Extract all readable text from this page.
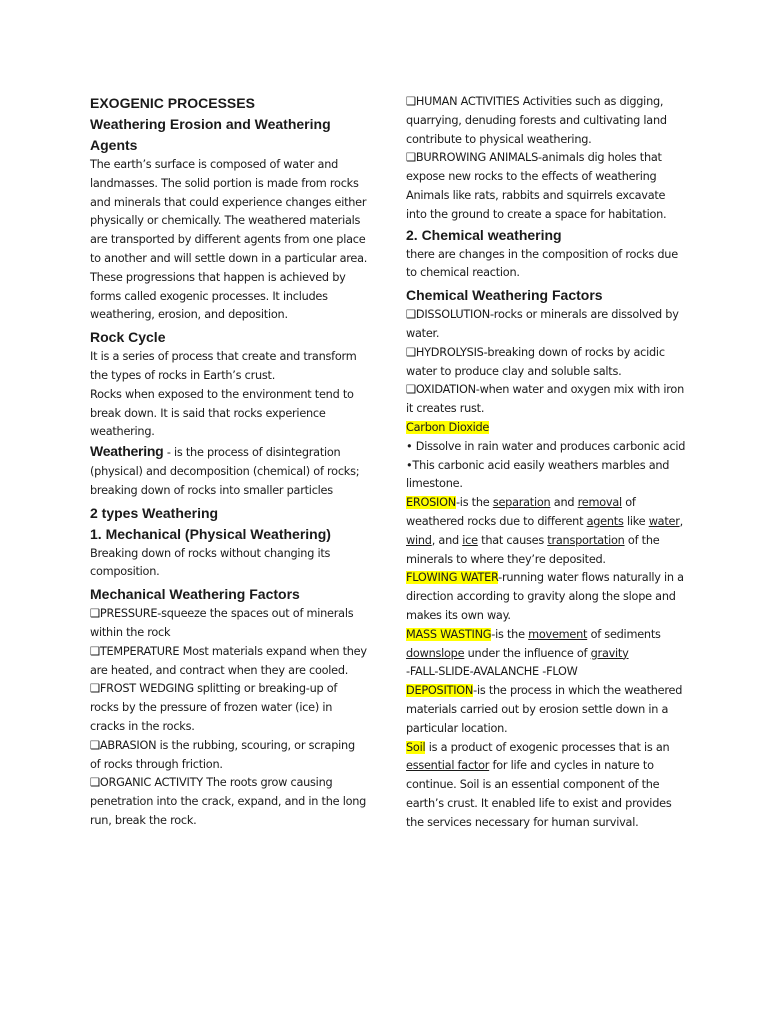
EXOGENIC PROCESSES

Weathering Erosion and Weathering Agents

The earth’s surface is composed of water and landmasses. The solid portion is made from rocks and minerals that could experience changes either physically or chemically. The weathered materials are transported by different agents from one place to another and will settle down in a particular area. These progressions that happen is achieved by forms called exogenic processes. It includes weathering, erosion, and deposition.

Rock Cycle

It is a series of process that create and transform the types of rocks in Earth’s crust.

Rocks when exposed to the environment tend to break down. It is said that rocks experience weathering.

Weathering - is the process of disintegration (physical) and decomposition (chemical) of rocks; breaking down of rocks into smaller particles

2 types Weathering

1. Mechanical (Physical Weathering)

Breaking down of rocks without changing its composition.

Mechanical Weathering Factors

❑PRESSURE-squeeze the spaces out of minerals within the rock

❑TEMPERATURE Most materials expand when they are heated, and contract when they are cooled.

❑FROST WEDGING splitting or breaking-up of rocks by the pressure of frozen water (ice) in cracks in the rocks.

❑ABRASION is the rubbing, scouring, or scraping of rocks through friction.

❑ORGANIC ACTIVITY The roots grow causing penetration into the crack, expand, and in the long run, break the rock.

❑HUMAN ACTIVITIES Activities such as digging, quarrying, denuding forests and cultivating land contribute to physical weathering.

❑BURROWING ANIMALS-animals dig holes that expose new rocks to the effects of weathering Animals like rats, rabbits and squirrels excavate into the ground to create a space for habitation.

2. Chemical weathering

there are changes in the composition of rocks due to chemical reaction.

Chemical Weathering Factors

❑DISSOLUTION-rocks or minerals are dissolved by water.

❑HYDROLYSIS-breaking down of rocks by acidic water to produce clay and soluble salts.

❑OXIDATION-when water and oxygen mix with iron it creates rust.

Carbon Dioxide

• Dissolve in rain water and produces carbonic acid

•This carbonic acid easily weathers marbles and limestone.

EROSION-is the separation and removal of weathered rocks due to different agents like water, wind, and ice that causes transportation of the minerals to where they’re deposited.

FLOWING WATER-running water flows naturally in a direction according to gravity along the slope and makes its own way.

MASS WASTING-is the movement of sediments downslope under the influence of gravity

-FALL-SLIDE-AVALANCHE -FLOW

DEPOSITION-is the process in which the weathered materials carried out by erosion settle down in a particular location.

Soil is a product of exogenic processes that is an essential factor for life and cycles in nature to continue. Soil is an essential component of the earth’s crust. It enabled life to exist and provides the services necessary for human survival.
